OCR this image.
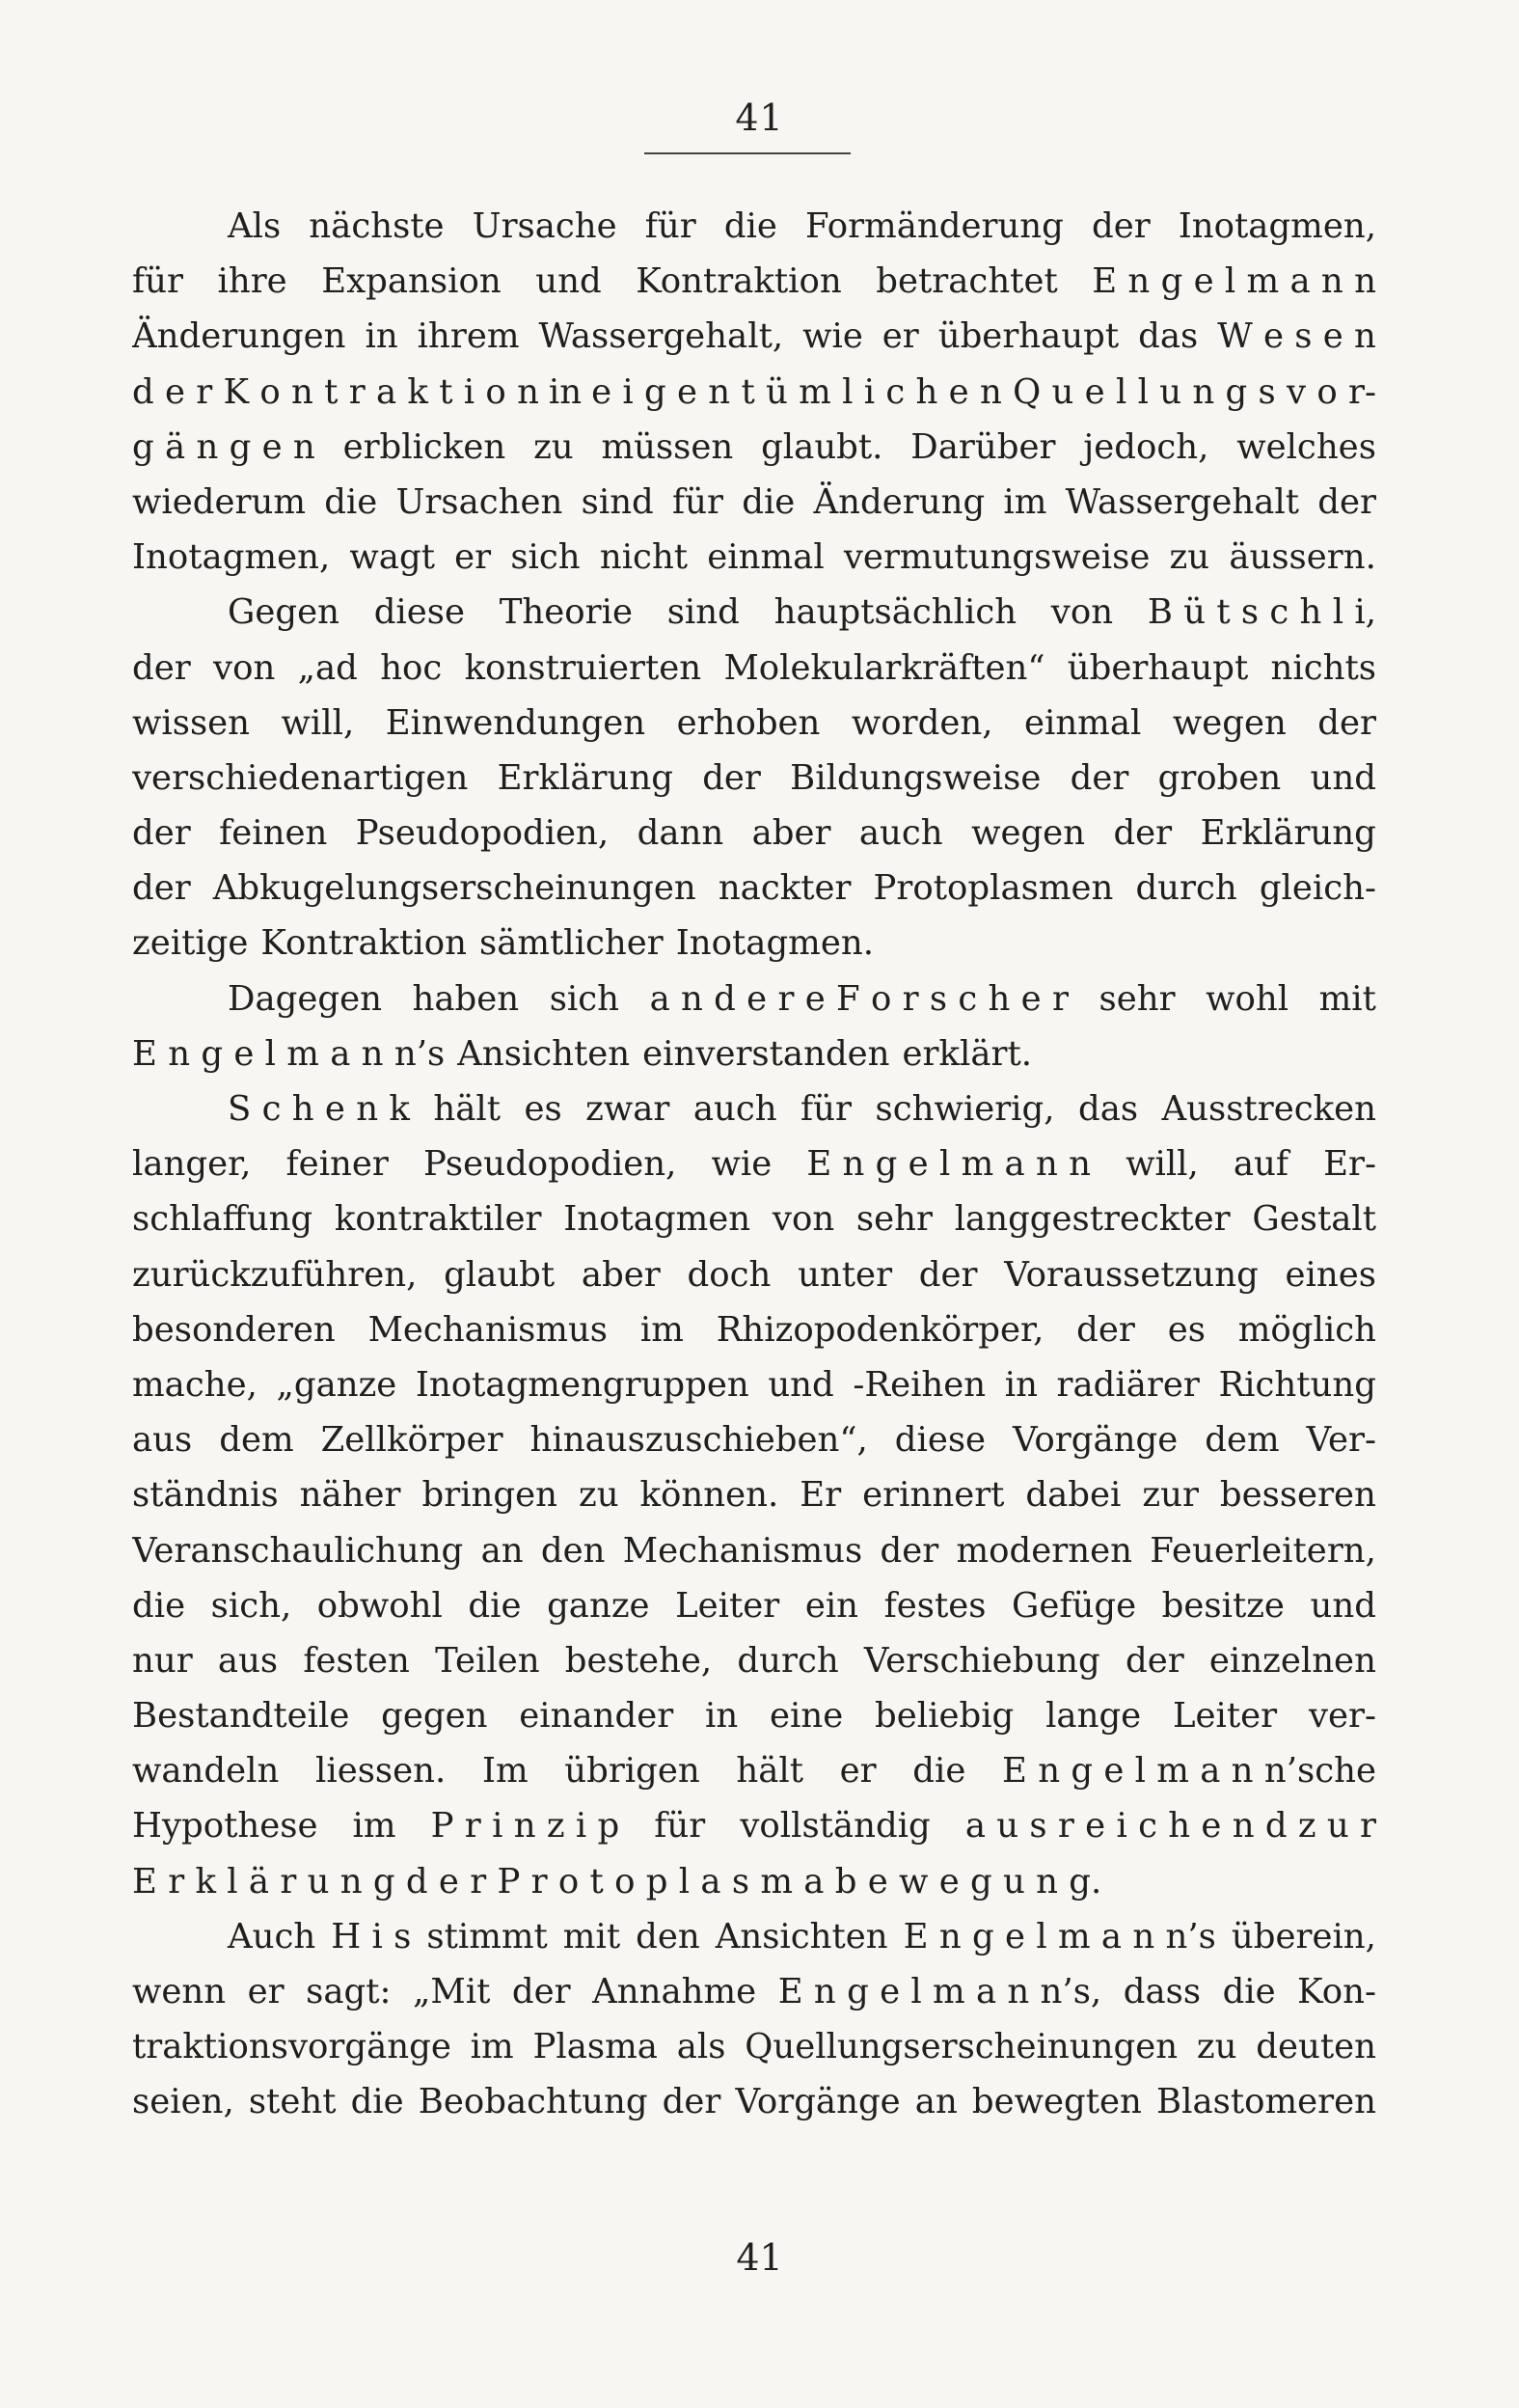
41
Als nächste Ursache für die Formänderung der Inotagmen,
für ihre Expansion und Kontraktion betrachtet E n g e l m a n n
Änderungen in ihrem Wassergehalt, wie er überhaupt das W e s e n
d e r K o n t r a k t i o n in e i g e n t ü m l i c h e n Q u e l l u n g s v o r-
g ä n g e n erblicken zu müssen glaubt. Darüber jedoch, welches
wiederum die Ursachen sind für die Änderung im Wassergehalt der
Inotagmen, wagt er sich nicht einmal vermutungsweise zu äussern.
Gegen diese Theorie sind hauptsächlich von B ü t s c h l i,
der von „ad hoc konstruierten Molekularkräften“ überhaupt nichts
wissen will, Einwendungen erhoben worden, einmal wegen der
verschiedenartigen Erklärung der Bildungsweise der groben und
der feinen Pseudopodien, dann aber auch wegen der Erklärung
der Abkugelungserscheinungen nackter Protoplasmen durch gleich-
zeitige Kontraktion sämtlicher Inotagmen.
Dagegen haben sich a n d e r e F o r s c h e r sehr wohl mit
E n g e l m a n n’s Ansichten einverstanden erklärt.
S c h e n k hält es zwar auch für schwierig, das Ausstrecken
langer, feiner Pseudopodien, wie E n g e l m a n n will, auf Er-
schlaffung kontraktiler Inotagmen von sehr langgestreckter Gestalt
zurückzuführen, glaubt aber doch unter der Voraussetzung eines
besonderen Mechanismus im Rhizopodenkörper, der es möglich
mache, „ganze Inotagmengruppen und -Reihen in radiärer Richtung
aus dem Zellkörper hinauszuschieben“, diese Vorgänge dem Ver-
ständnis näher bringen zu können. Er erinnert dabei zur besseren
Veranschaulichung an den Mechanismus der modernen Feuerleitern,
die sich, obwohl die ganze Leiter ein festes Gefüge besitze und
nur aus festen Teilen bestehe, durch Verschiebung der einzelnen
Bestandteile gegen einander in eine beliebig lange Leiter ver-
wandeln liessen. Im übrigen hält er die E n g e l m a n n’sche
Hypothese im P r i n z i p für vollständig a u s r e i c h e n d z u r
E r k l ä r u n g d e r P r o t o p l a s m a b e w e g u n g.
Auch H i s stimmt mit den Ansichten E n g e l m a n n’s überein,
wenn er sagt: „Mit der Annahme E n g e l m a n n’s, dass die Kon-
traktionsvorgänge im Plasma als Quellungserscheinungen zu deuten
seien, steht die Beobachtung der Vorgänge an bewegten Blastomeren
41
